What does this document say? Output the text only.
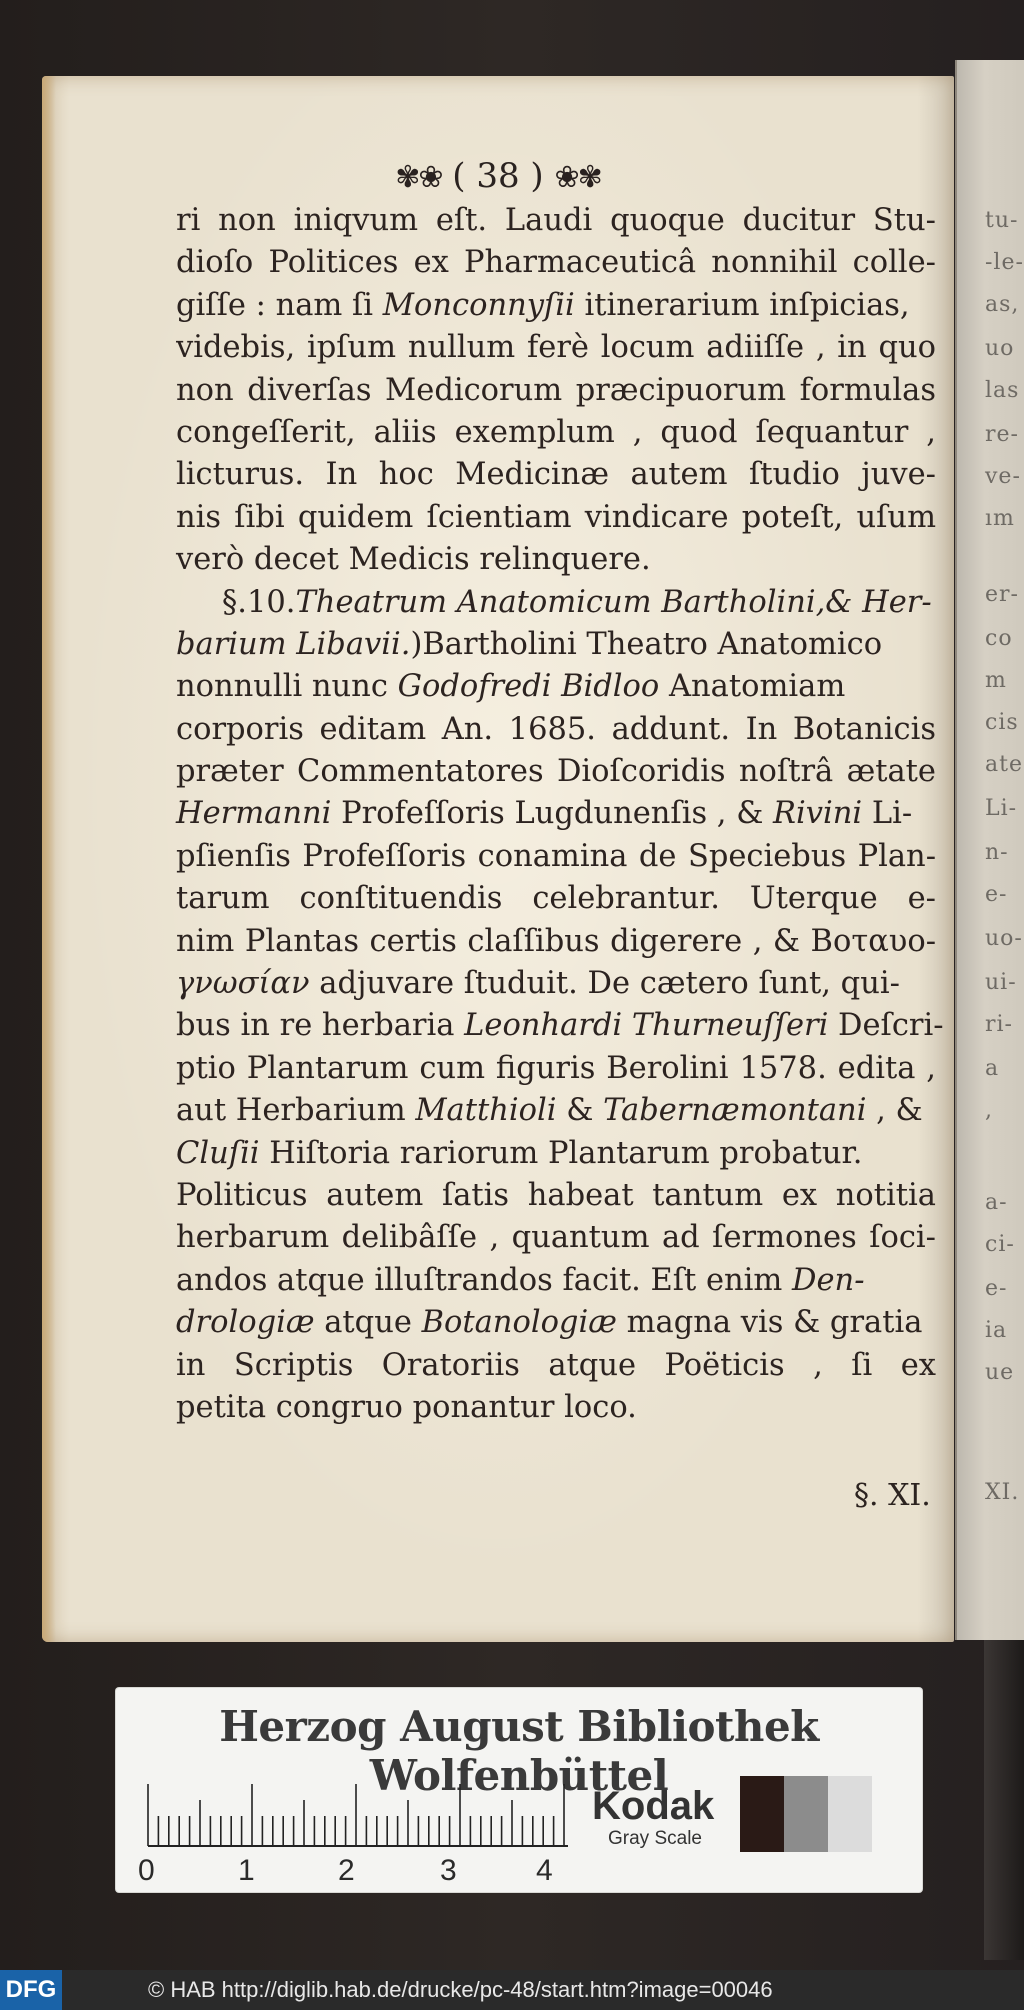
tu-
-le-
as,
uo
las
re-
ve-
ım
er-
co
m
cis
ate
Li-
n-
e-
uo-
ui-
ri-
a
,
a-
ci-
e-
ia
ue
XI.
✾❀ ( 38 ) ❀✾
ri non iniqvum eſt. Laudi quoque ducitur Stu-
dioſo Politices ex Pharmaceuticâ nonnihil colle-
giſſe : nam ſi Monconnyſii itinerarium inſpicias,
videbis, ipſum nullum ferè locum adiiſſe , in quo
non diverſas Medicorum præcipuorum formulas
congeſſerit, aliis exemplum , quod ſequantur ,
licturus. In hoc Medicinæ autem ſtudio juve-
nis ſibi quidem ſcientiam vindicare poteſt, uſum
verò decet Medicis relinquere.
§.10.Theatrum Anatomicum Bartholini,& Her-
barium Libavii.)Bartholini Theatro Anatomico
nonnulli nunc Godofredi Bidloo Anatomiam
corporis editam An. 1685. addunt. In Botanicis
præter Commentatores Dioſcoridis noſtrâ ætate
Hermanni Profeſſoris Lugdunenſis , & Rivini Li-
pſienſis Profeſſoris conamina de Speciebus Plan-
tarum conſtituendis celebrantur. Uterque e-
nim Plantas certis claſſibus digerere , & Βοταυο-
γνωσίαν adjuvare ſtuduit. De cætero ſunt, qui-
bus in re herbaria Leonhardi Thurneuſſeri Deſcri-
ptio Plantarum cum figuris Berolini 1578. edita ,
aut Herbarium Matthioli & Tabernæmontani , &
Cluſii Hiſtoria rariorum Plantarum probatur.
Politicus autem ſatis habeat tantum ex notitia
herbarum delibâſſe , quantum ad ſermones ſoci-
andos atque illuſtrandos facit. Eſt enim Den-
drologiæ atque Botanologiæ magna vis & gratia
in Scriptis Oratoriis atque Poëticis , ſi ex
petita congruo ponantur loco.
§. XI.
Herzog August Bibliothek Wolfenbüttel
0	1	2	3	4
Kodak
Gray Scale
DFG	© HAB http://diglib.hab.de/drucke/pc-48/start.htm?image=00046
